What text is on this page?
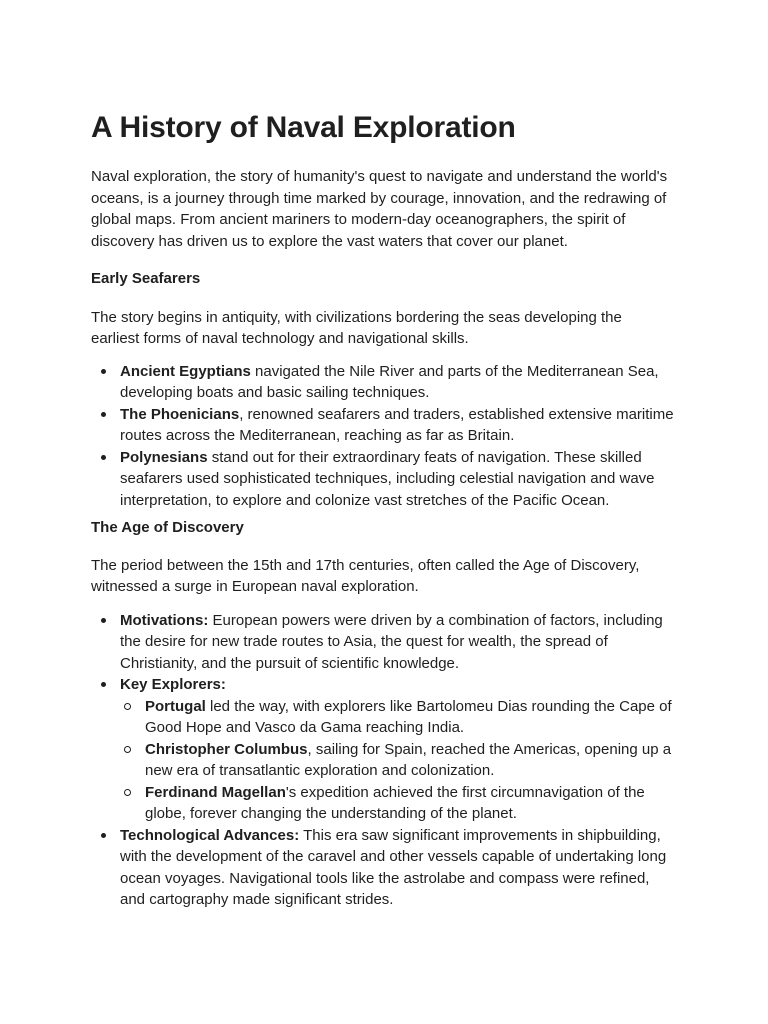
A History of Naval Exploration

Naval exploration, the story of humanity's quest to navigate and understand the world's oceans, is a journey through time marked by courage, innovation, and the redrawing of global maps. From ancient mariners to modern-day oceanographers, the spirit of discovery has driven us to explore the vast waters that cover our planet.

Early Seafarers

The story begins in antiquity, with civilizations bordering the seas developing the earliest forms of naval technology and navigational skills.

Ancient Egyptians navigated the Nile River and parts of the Mediterranean Sea, developing boats and basic sailing techniques.
The Phoenicians, renowned seafarers and traders, established extensive maritime routes across the Mediterranean, reaching as far as Britain.
Polynesians stand out for their extraordinary feats of navigation. These skilled seafarers used sophisticated techniques, including celestial navigation and wave interpretation, to explore and colonize vast stretches of the Pacific Ocean.
The Age of Discovery

The period between the 15th and 17th centuries, often called the Age of Discovery, witnessed a surge in European naval exploration.

Motivations: European powers were driven by a combination of factors, including the desire for new trade routes to Asia, the quest for wealth, the spread of Christianity, and the pursuit of scientific knowledge.
Key Explorers:
Portugal led the way, with explorers like Bartolomeu Dias rounding the Cape of Good Hope and Vasco da Gama reaching India.
Christopher Columbus, sailing for Spain, reached the Americas, opening up a new era of transatlantic exploration and colonization.
Ferdinand Magellan's expedition achieved the first circumnavigation of the globe, forever changing the understanding of the planet.
Technological Advances: This era saw significant improvements in shipbuilding, with the development of the caravel and other vessels capable of undertaking long ocean voyages. Navigational tools like the astrolabe and compass were refined, and cartography made significant strides.
